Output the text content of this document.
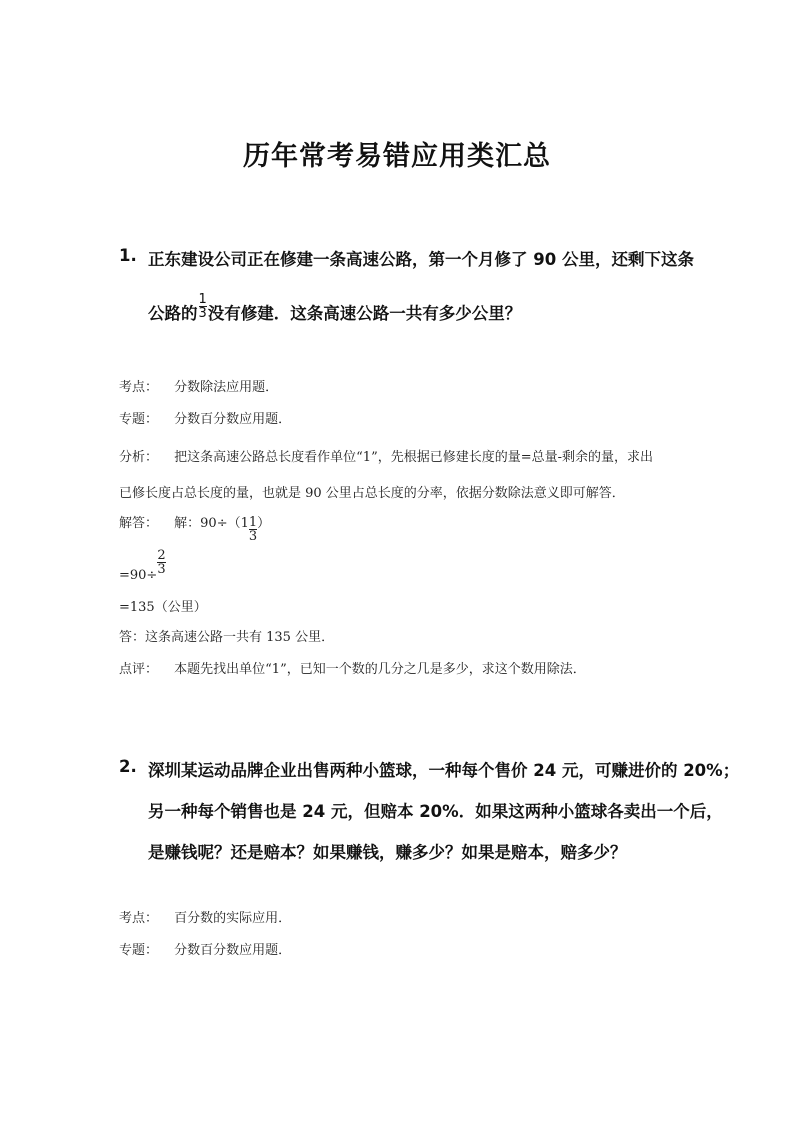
历年常考易错应用类汇总
1. 正东建设公司正在修建一条高速公路，第一个月修了 90 公里，还剩下这条
公路的 $\frac{1}{3}$ 没有修建．这条高速公路一共有多少公里？
考点： 分数除法应用题．
专题： 分数百分数应用题．
分析： 把这条高速公路总长度看作单位“1”，先根据已修建长度的量=总量-剩余的量，求出
已修长度占总长度的量，也就是 90 公里占总长度的分率，依据分数除法意义即可解答．
解答： 解：$90\div(1 \frac{1}{3}$ ）
$=90\div \frac{2}{3}$
=135（公里）
答：这条高速公路一共有 135 公里．
点评： 本题先找出单位“1”，已知一个数的几分之几是多少，求这个数用除法．
2. 深圳某运动品牌企业出售两种小篮球，一种每个售价 24 元，可赚进价的 20%；
另一种每个销售也是 24 元，但赔本 20%．如果这两种小篮球各卖出一个后，
是赚钱呢？还是赔本？如果赚钱，赚多少？如果是赔本，赔多少？
考点： 百分数的实际应用．
专题： 分数百分数应用题．
